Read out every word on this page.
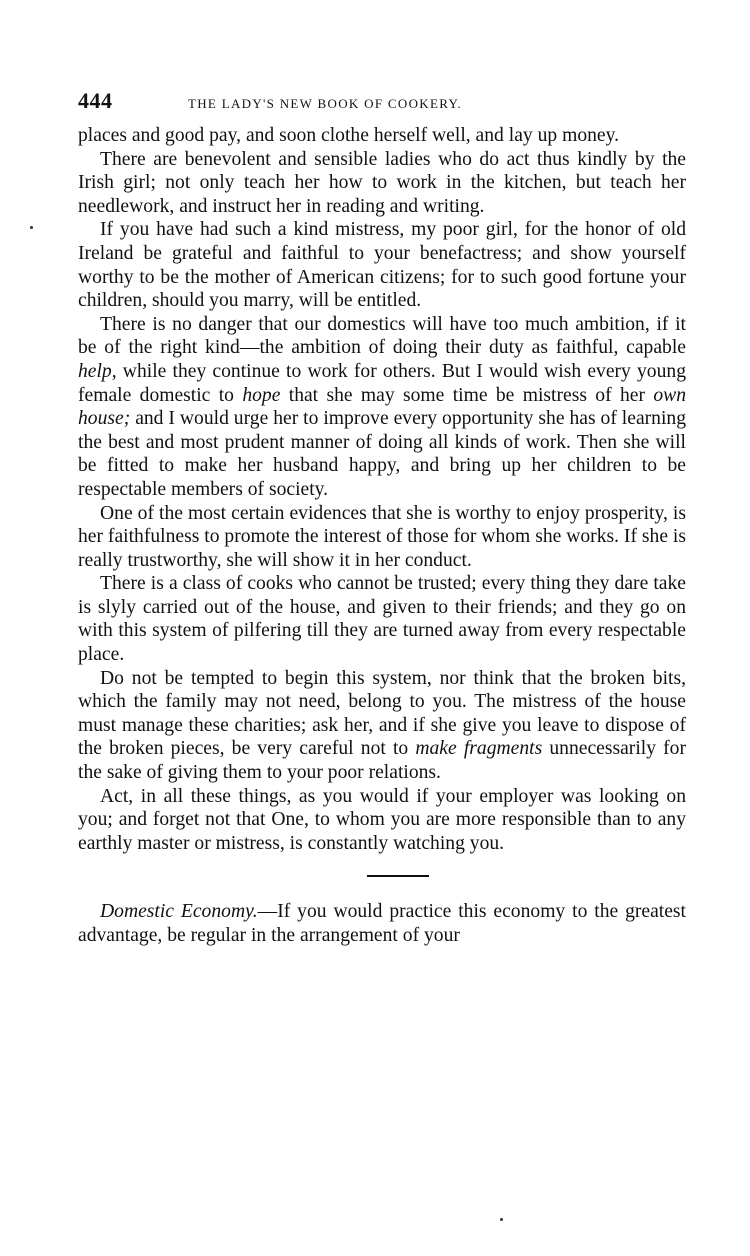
444	THE LADY'S NEW BOOK OF COOKERY.

places and good pay, and soon clothe herself well, and lay up money.

There are benevolent and sensible ladies who do act thus kindly by the Irish girl; not only teach her how to work in the kitchen, but teach her needlework, and instruct her in reading and writing.

If you have had such a kind mistress, my poor girl, for the honor of old Ireland be grateful and faithful to your benefactress; and show yourself worthy to be the mother of American citizens; for to such good fortune your children, should you marry, will be entitled.

There is no danger that our domestics will have too much ambition, if it be of the right kind—the ambition of doing their duty as faithful, capable help, while they continue to work for others. But I would wish every young female domestic to hope that she may some time be mistress of her own house; and I would urge her to improve every opportunity she has of learning the best and most prudent manner of doing all kinds of work. Then she will be fitted to make her husband happy, and bring up her children to be respectable members of society.

One of the most certain evidences that she is worthy to enjoy prosperity, is her faithfulness to promote the interest of those for whom she works. If she is really trustworthy, she will show it in her conduct.

There is a class of cooks who cannot be trusted; every thing they dare take is slyly carried out of the house, and given to their friends; and they go on with this system of pilfering till they are turned away from every respectable place.

Do not be tempted to begin this system, nor think that the broken bits, which the family may not need, belong to you. The mistress of the house must manage these charities; ask her, and if she give you leave to dispose of the broken pieces, be very careful not to make fragments unnecessarily for the sake of giving them to your poor relations.

Act, in all these things, as you would if your employer was looking on you; and forget not that One, to whom you are more responsible than to any earthly master or mistress, is constantly watching you.

Domestic Economy.—If you would practice this economy to the greatest advantage, be regular in the arrangement of your
